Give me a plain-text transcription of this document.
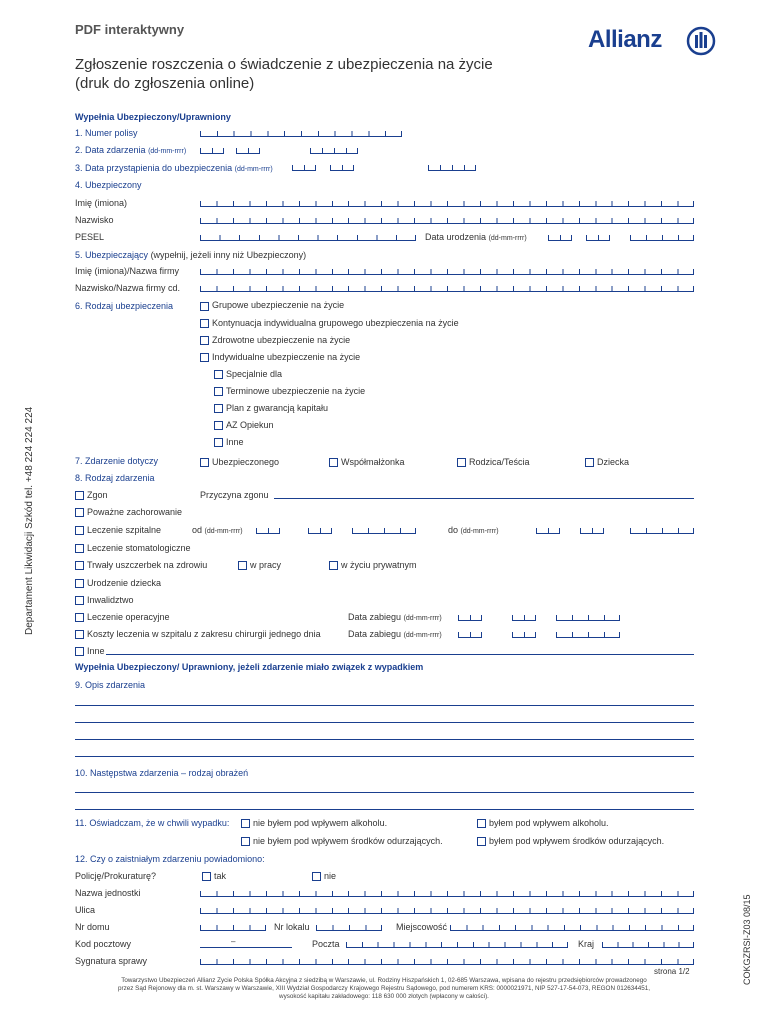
PDF interaktywny	Allianz
Zgłoszenie roszczenia o świadczenie z ubezpieczenia na życie
(druk do zgłoszenia online)
Departament Likwidacji Szkód tel. +48 224 224 224
COKGZRSI-Z03 08/15
Wypełnia Ubezpieczony/Uprawniony
1. Numer polisy
2. Data zdarzenia (dd-mm-rrrr)
3. Data przystąpienia do ubezpieczenia (dd-mm-rrrr)
4. Ubezpieczony
Imię (imiona)
Nazwisko
PESEL	Data urodzenia (dd-mm-rrrr)
5. Ubezpieczający (wypełnij, jeżeli inny niż Ubezpieczony)
Imię (imiona)/Nazwa firmy
Nazwisko/Nazwa firmy cd.
6. Rodzaj ubezpieczenia	Grupowe ubezpieczenie na życie
Kontynuacja indywidualna grupowego ubezpieczenia na życie
Zdrowotne ubezpieczenie na życie
Indywidualne ubezpieczenie na życie
Specjalnie dla
Terminowe ubezpieczenie na życie
Plan z gwarancją kapitału
AZ Opiekun
Inne
7. Zdarzenie dotyczy	Ubezpieczonego	Współmałżonka	Rodzica/Teścia	Dziecka
8. Rodzaj zdarzenia
Zgon	Przyczyna zgonu
Poważne zachorowanie
Leczenie szpitalne	od (dd-mm-rrrr)	do (dd-mm-rrrr)
Leczenie stomatologiczne
Trwały uszczerbek na zdrowiu	w pracy	w życiu prywatnym
Urodzenie dziecka
Inwalidztwo
Leczenie operacyjne	Data zabiegu (dd-mm-rrrr)
Koszty leczenia w szpitalu z zakresu chirurgii jednego dnia	Data zabiegu (dd-mm-rrrr)
Inne
Wypełnia Ubezpieczony/ Uprawniony, jeżeli zdarzenie miało związek z wypadkiem
9. Opis zdarzenia
10. Następstwa zdarzenia – rodzaj obrażeń
11. Oświadczam, że w chwili wypadku:	nie byłem pod wpływem alkoholu.	byłem pod wpływem alkoholu.
nie byłem pod wpływem środków odurzających.	byłem pod wpływem środków odurzających.
12. Czy o zaistniałym zdarzeniu powiadomiono:
Policję/Prokuraturę?	tak	nie
Nazwa jednostki
Ulica
Nr domu	Nr lokalu	Miejscowość
Kod pocztowy	–	Poczta	Kraj
Sygnatura sprawy
strona 1/2
Towarzystwo Ubezpieczeń Allianz Życie Polska Spółka Akcyjna z siedzibą w Warszawie, ul. Rodziny Hiszpańskich 1, 02-685 Warszawa, wpisana do rejestru przedsiębiorców prowadzonego
przez Sąd Rejonowy dla m. st. Warszawy w Warszawie, XIII Wydział Gospodarczy Krajowego Rejestru Sądowego, pod numerem KRS: 0000021971, NIP 527-17-54-073, REGON 012634451,
wysokość kapitału zakładowego: 118 630 000 złotych (wpłacony w całości).
